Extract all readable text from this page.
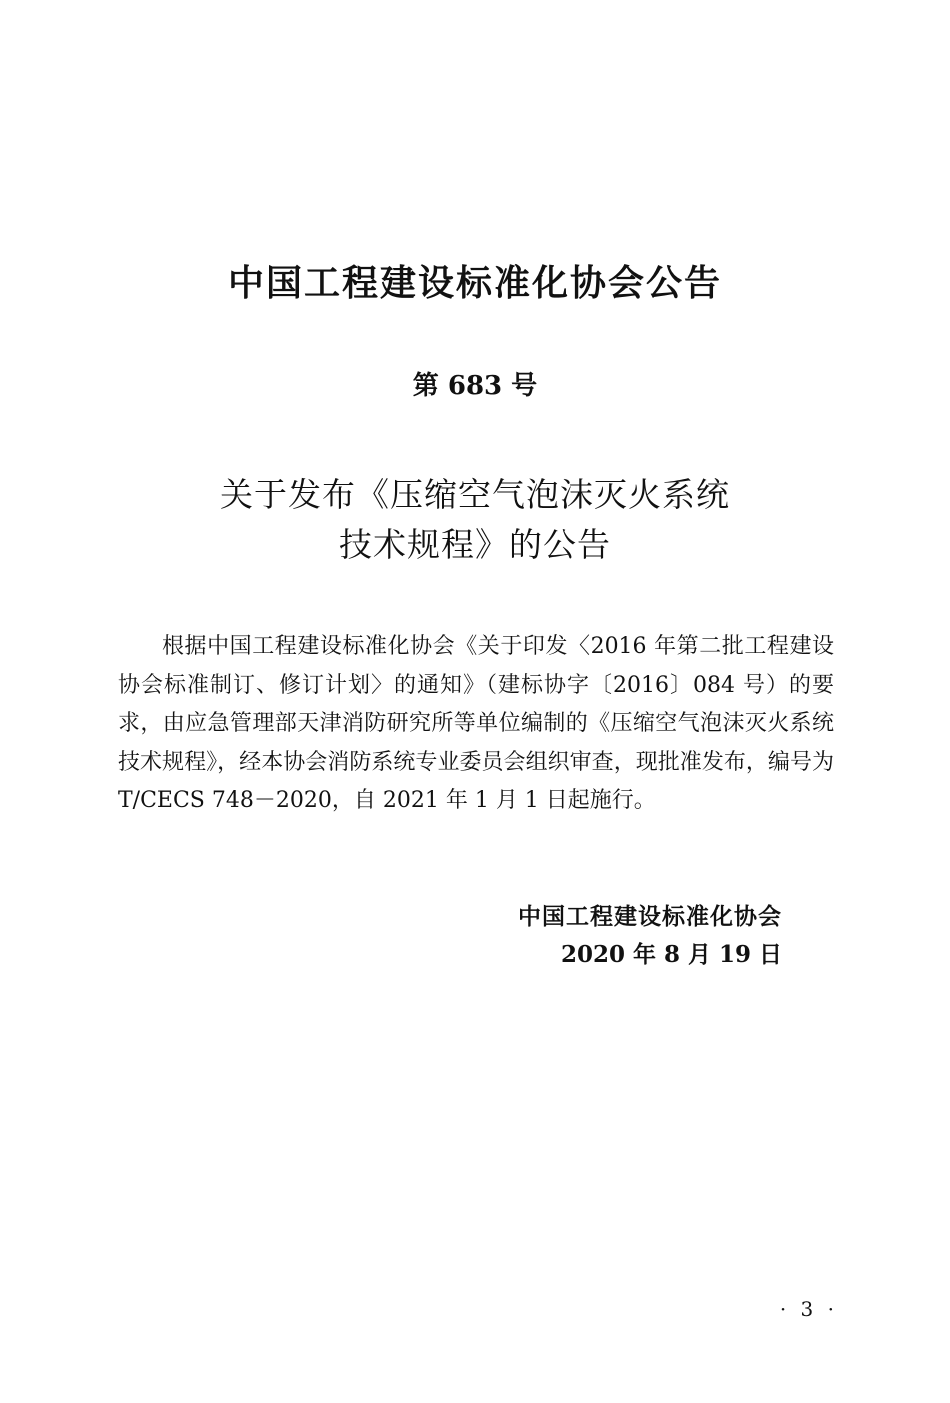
中国工程建设标准化协会公告
第 683 号
关于发布《压缩空气泡沫灭火系统
技术规程》的公告

根据中国工程建设标准化协会《关于印发〈2016 年第二批工程建设协会标准制订、修订计划〉的通知》（建标协字〔2016〕084 号）的要求，由应急管理部天津消防研究所等单位编制的《压缩空气泡沫灭火系统技术规程》，经本协会消防系统专业委员会组织审查，现批准发布，编号为 T/CECS 748－2020，自 2021 年 1 月 1 日起施行。

中国工程建设标准化协会
2020 年 8 月 19 日
· 3 ·
